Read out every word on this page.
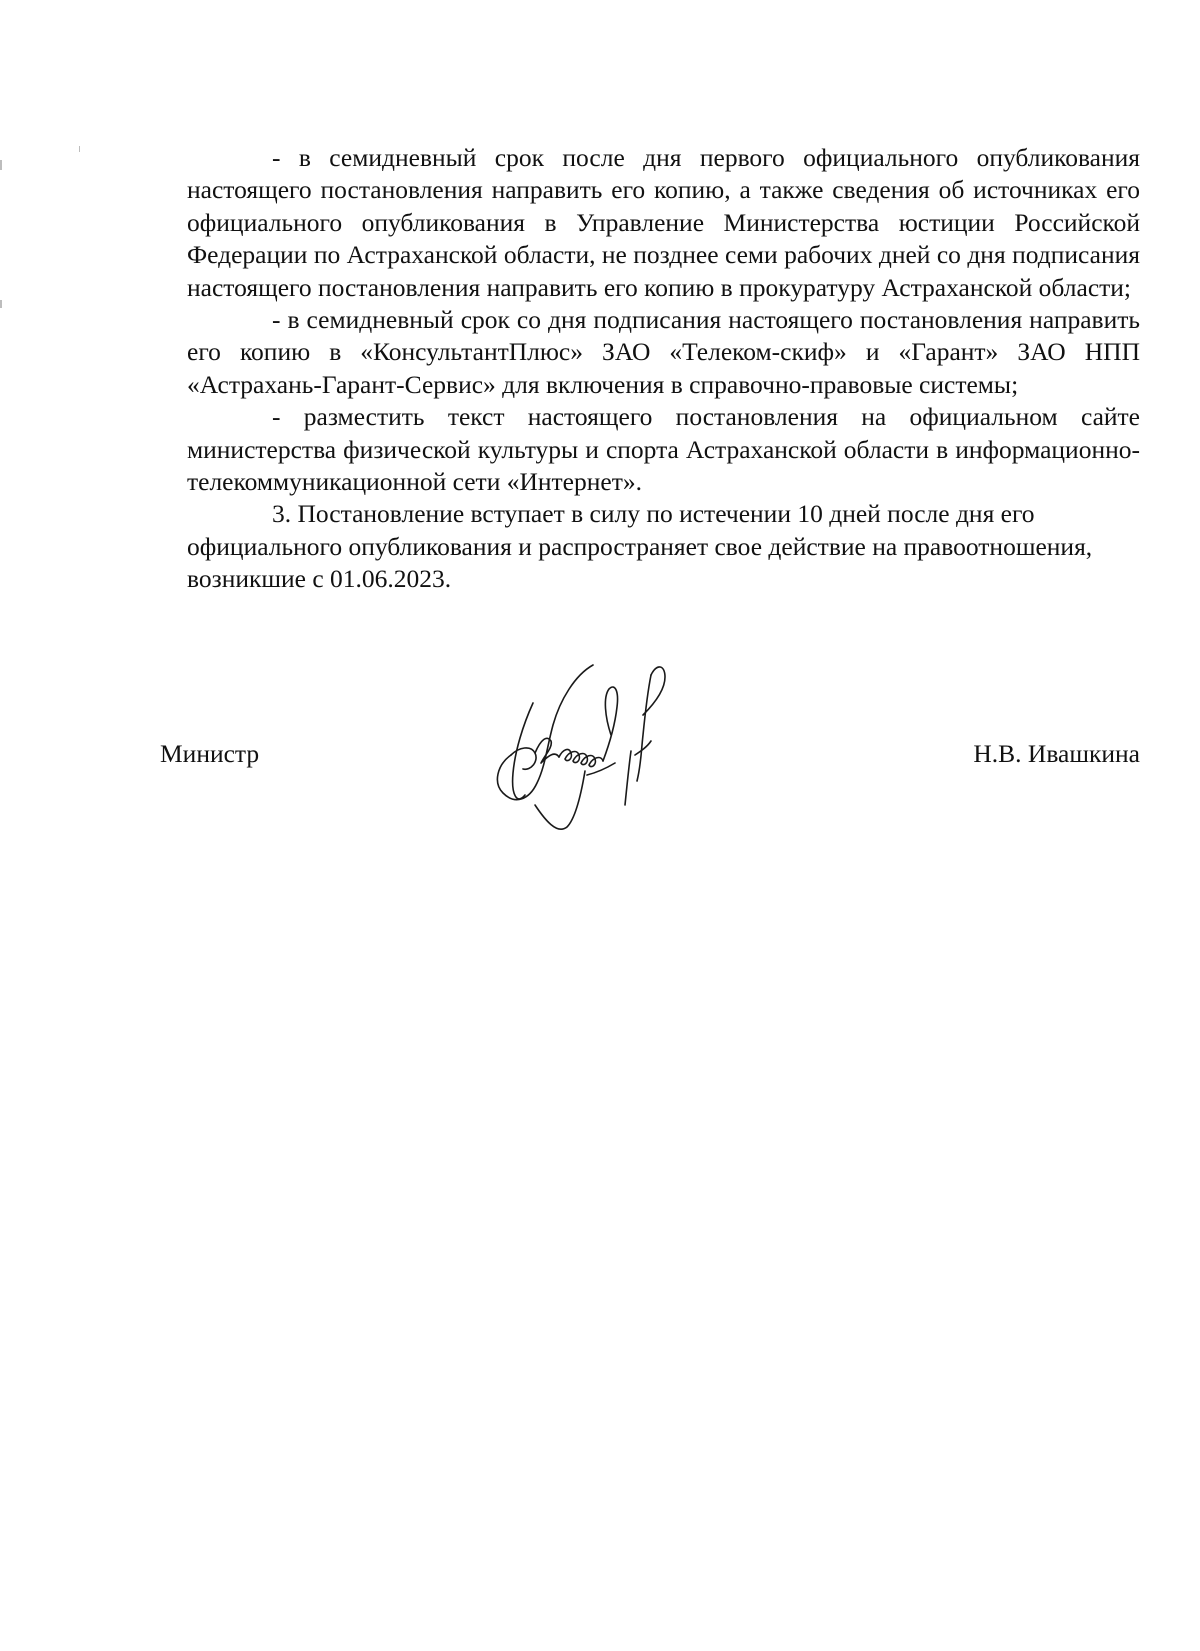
- в семидневный срок после дня первого официального опубликования настоящего постановления направить его копию, а также сведения об источниках его официального опубликования в Управление Министерства юстиции Российской Федерации по Астраханской области, не позднее семи рабочих дней со дня подписания настоящего постановления направить его копию в прокуратуру Астраханской области;

- в семидневный срок со дня подписания настоящего постановления направить его копию в «КонсультантПлюс» ЗАО «Телеком-скиф» и «Гарант» ЗАО НПП «Астрахань-Гарант-Сервис» для включения в справочно-правовые системы;

- разместить текст настоящего постановления на официальном сайте министерства физической культуры и спорта Астраханской области в информационно-телекоммуникационной сети «Интернет».

3. Постановление вступает в силу по истечении 10 дней после дня его официального опубликования и распространяет свое действие на правоотношения, возникшие с 01.06.2023.

Министр	Н.В. Ивашкина
